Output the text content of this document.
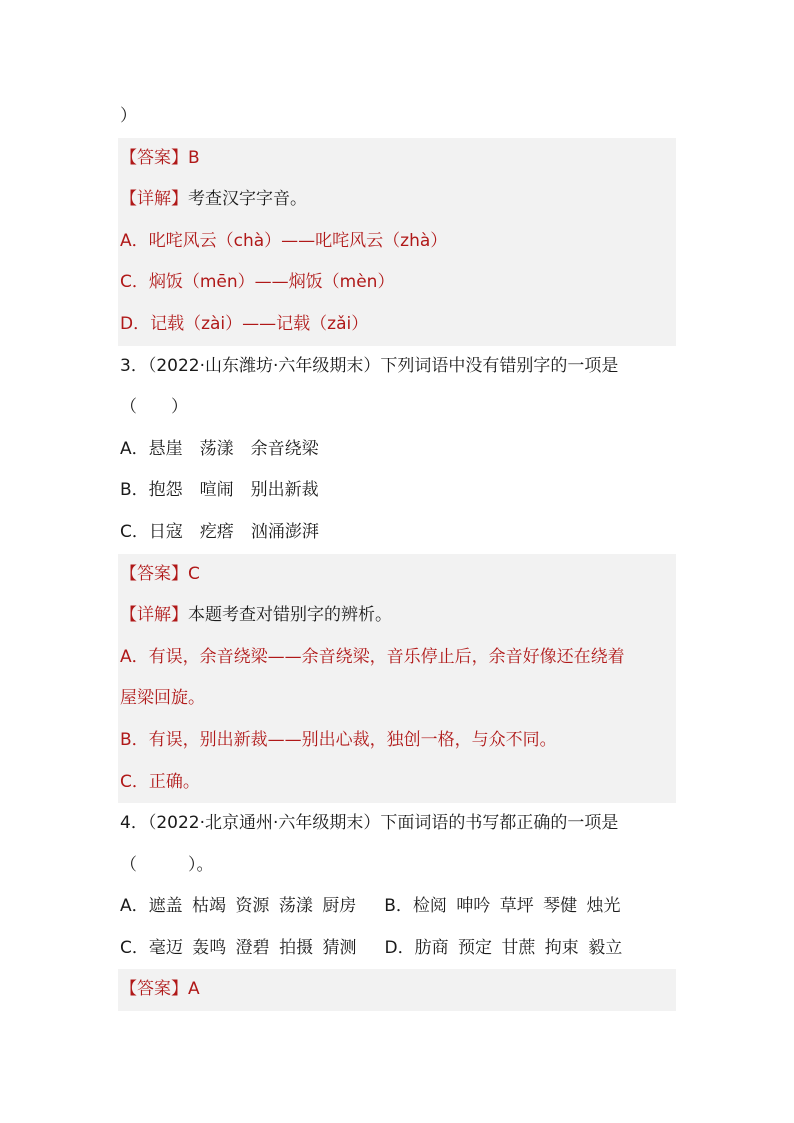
）
【答案】B
【详解】考查汉字字音。
A．叱咤风云（chà）——叱咤风云（zhà）
C．焖饭（mēn）——焖饭（mèn）
D．记载（zài）——记载（zǎi）
3．（2022·山东潍坊·六年级期末）下列词语中没有错别字的一项是
（　　）
A．悬崖　荡漾　余音绕梁
B．抱怨　喧闹　别出新裁
C．日寇　疙瘩　汹涌澎湃
【答案】C
【详解】本题考查对错别字的辨析。
A．有误，余音绕梁——余音绕梁，音乐停止后，余音好像还在绕着
屋梁回旋。
B．有误，别出新裁——别出心裁，独创一格，与众不同。
C．正确。
4．（2022·北京通州·六年级期末）下面词语的书写都正确的一项是
（　　　）。
A．遮盖 枯竭 资源 荡漾 厨房 B．检阅 呻吟 草坪 琴健 烛光
C．毫迈 轰鸣 澄碧 拍摄 猜测 D．肪商 预定 甘蔗 拘束 毅立
【答案】A
